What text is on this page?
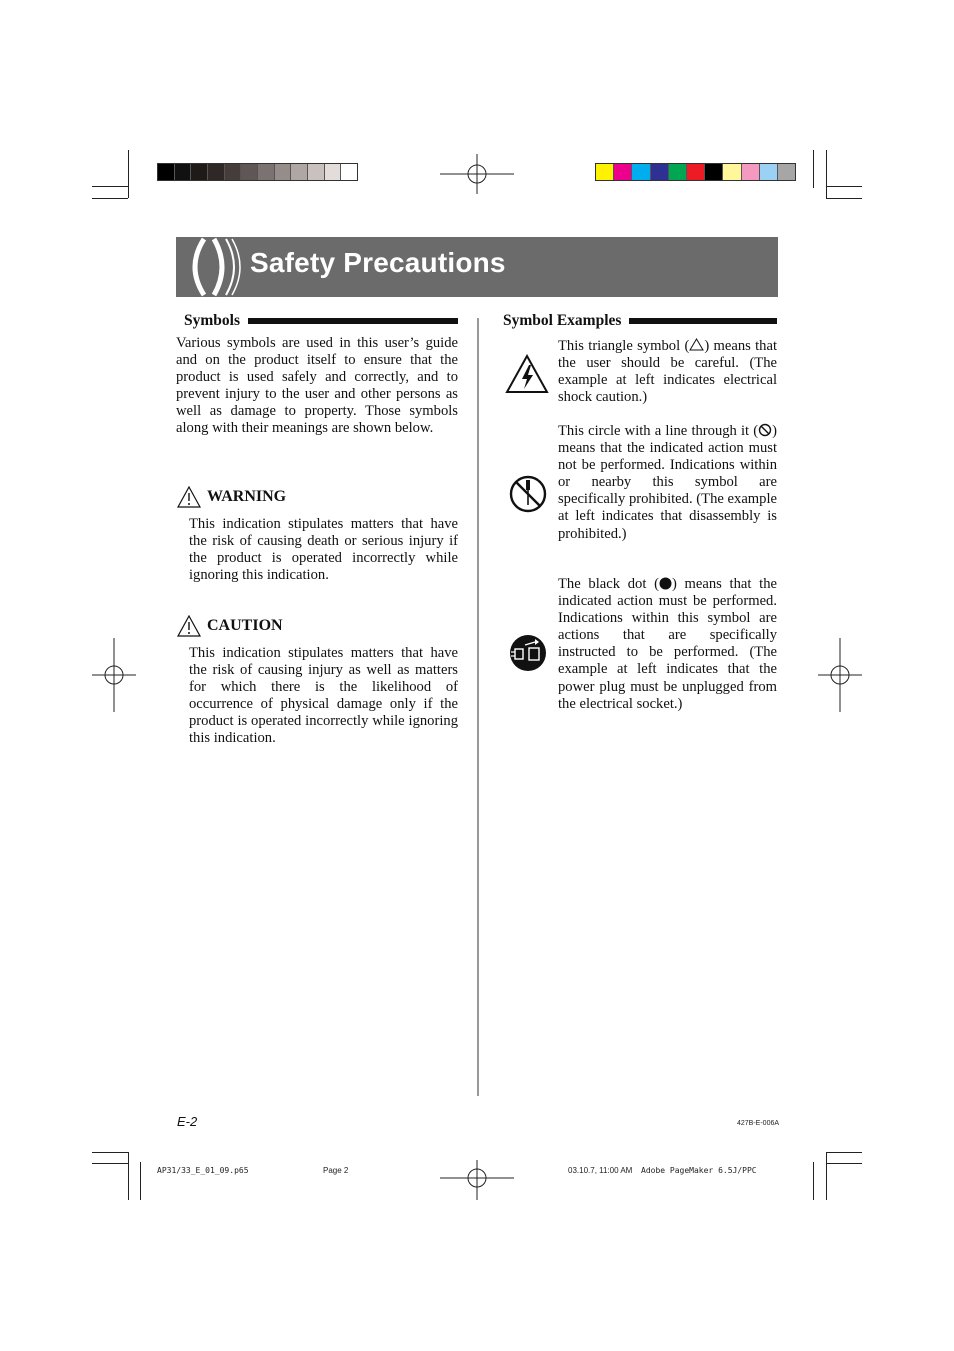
Safety Precautions
Symbols
Various symbols are used in this user’s guide and on the product itself to ensure that the product is used safely and correctly, and to prevent injury to the user and other persons as well as damage to property. Those symbols along with their meanings are shown below.
WARNING
This indication stipulates matters that have the risk of causing death or serious injury if the product is operated incorrectly while ignoring this indication.
CAUTION
This indication stipulates matters that have the risk of causing injury as well as matters for which there is the likelihood of occurrence of physical damage only if the product is operated incorrectly while ignoring this indication.
Symbol Examples
This triangle symbol ( ) means that the user should be careful. (The example at left indicates electrical shock caution.)
This circle with a line through it ( ) means that the indicated action must not be performed. Indications within or nearby this symbol are specifically prohibited. (The example at left indicates that disassembly is prohibited.)
The black dot ( ) means that the indicated action must be performed. Indications within this symbol are actions that are specifically instructed to be performed. (The example at left indicates that the power plug must be unplugged from the electrical socket.)
E-2	427B-E-006A
AP31/33_E_01_09.p65	Page 2	03.10.7, 11:00 AM Adobe PageMaker 6.5J/PPC
